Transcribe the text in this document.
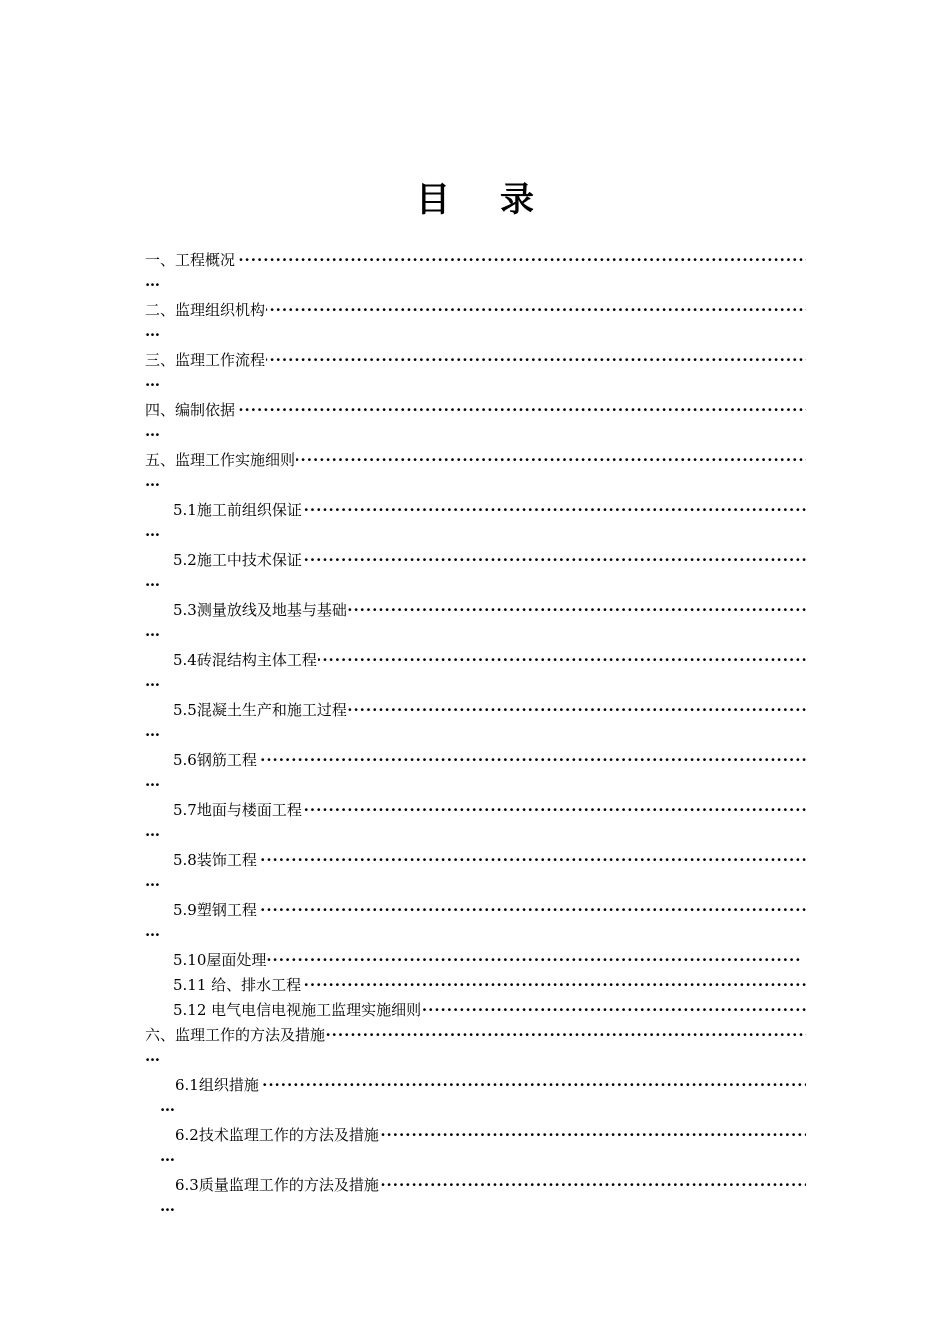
目 录
一、工程概况
·····
…
二、监理组织机构
·····
…
三、监理工作流程
·····
…
四、编制依据
·····
…
五、监理工作实施细则
·····
…
5.1施工前组织保证
·····
…
5.2施工中技术保证
·····
…
5.3测量放线及地基与基础
·····
…
5.4砖混结构主体工程
·····
…
5.5混凝土生产和施工过程
·····
…
5.6钢筋工程
·····
…
5.7地面与楼面工程
·····
…
5.8装饰工程
·····
…
5.9塑钢工程
·····
…
5.10屋面处理
·····
5.11 给、排水工程
·····
5.12 电气电信电视施工监理实施细则
·····
六、监理工作的方法及措施
·····
…
6.1组织措施
·····
…
6.2技术监理工作的方法及措施
·····
…
6.3质量监理工作的方法及措施
·····
…
